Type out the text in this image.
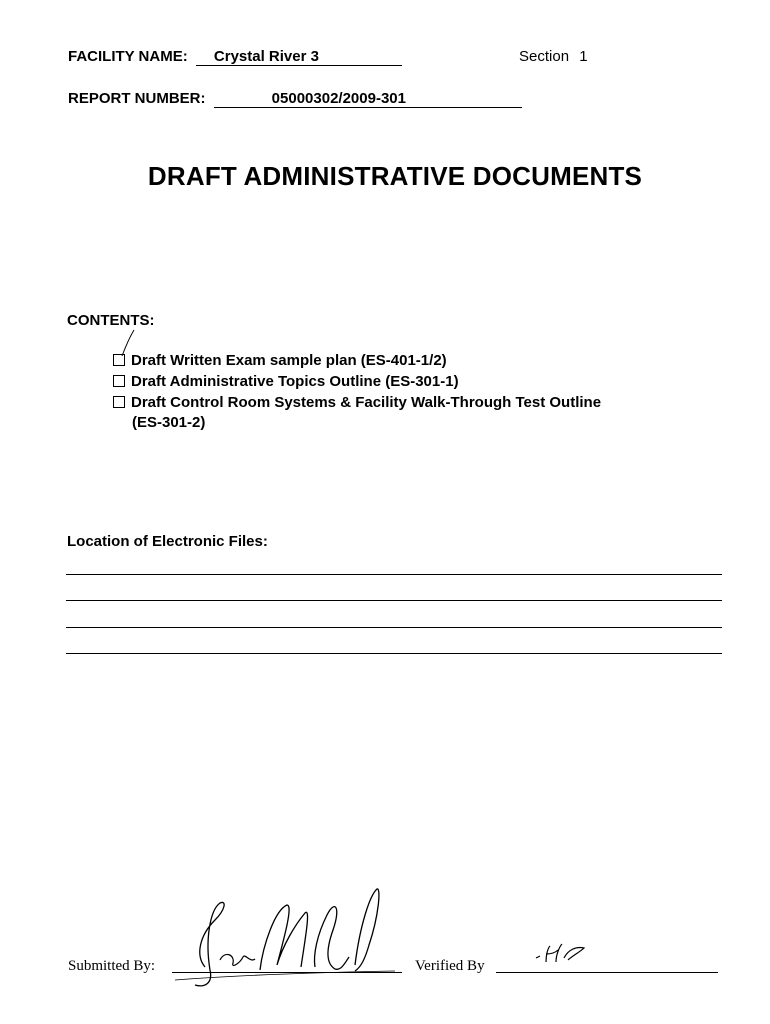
FACILITY NAME: Crystal River 3	Section 1
REPORT NUMBER:	05000302/2009-301
DRAFT ADMINISTRATIVE DOCUMENTS
CONTENTS:
Draft Written Exam sample plan (ES-401-1/2)
Draft Administrative Topics Outline (ES-301-1)
Draft Control Room Systems & Facility Walk-Through Test Outline
(ES-301-2)
Location of Electronic Files:
Submitted By:	Verified By
